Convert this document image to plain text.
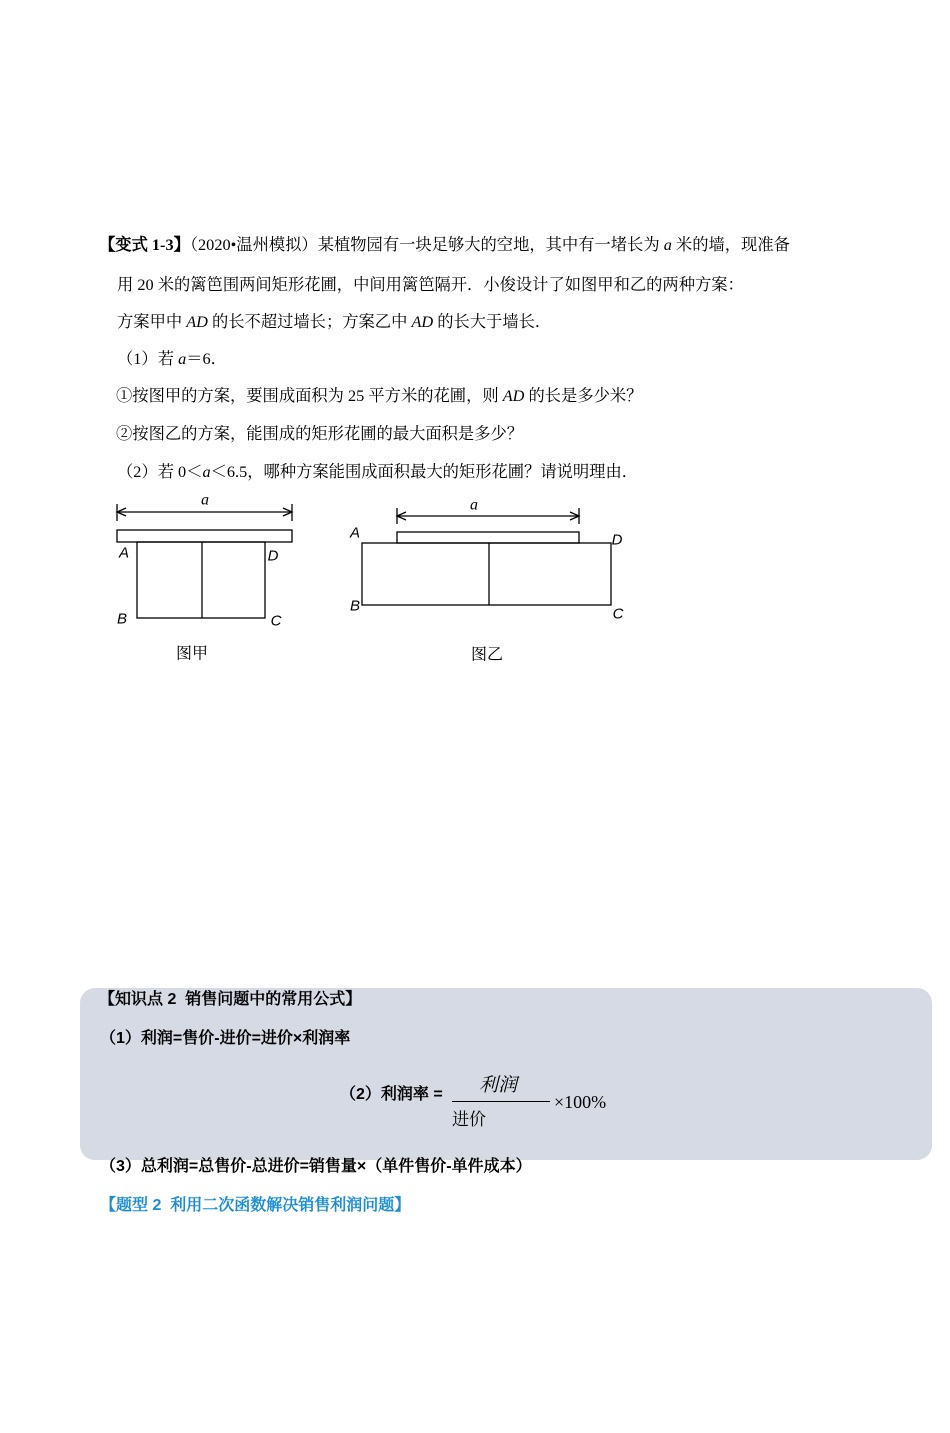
【变式 1-3】（2020•温州模拟）某植物园有一块足够大的空地，其中有一堵长为 a 米的墙，现准备
用 20 米的篱笆围两间矩形花圃，中间用篱笆隔开．小俊设计了如图甲和乙的两种方案：
方案甲中 AD 的长不超过墙长；方案乙中 AD 的长大于墙长．
（1）若 a＝6．
①按图甲的方案，要围成面积为 25 平方米的花圃，则 AD 的长是多少米？
②按图乙的方案，能围成的矩形花圃的最大面积是多少？
（2）若 0＜a＜6.5，哪种方案能围成面积最大的矩形花圃？请说明理由．
a
A	D
B	C
图甲
a
A	D
B	C
图乙
【知识点 2  销售问题中的常用公式】
（1）利润=售价-进价=进价×利润率
（2）利润率 =	利润
进价
×100%
（3）总利润=总售价-总进价=销售量×（单件售价-单件成本）
【题型 2  利用二次函数解决销售利润问题】
